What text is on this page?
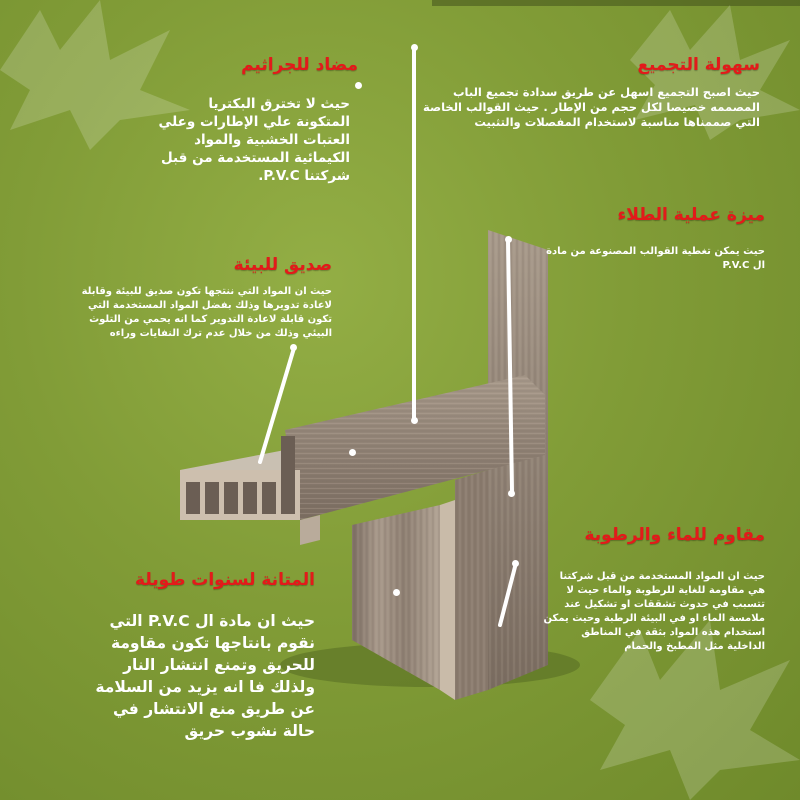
مضاد للجراثيم
حيث لا تخترق البكتريا المتكونة علي الإطارات وعلي العتبات الخشبية والمواد الكيمائية المستخدمة من قبل شركتنا P.V.C.
سهولة التجميع
حيث اصبح التجميع اسهل عن طريق سدادة تجميع الباب المصممه خصيصا لكل حجم من الإطار . حيث القوالب الخاصة التي صممناها مناسبة لاستخدام المفصلات والتثبيت
ميزة عملية الطلاء
حيث يمكن تغطية القوالب المصنوعة من مادة ال P.V.C
صديق للبيئة
حيث ان المواد التي ننتجها تكون صديق للبيئة وقابلة لاعادة تدويرها وذلك بفضل المواد المستخدمة التي تكون قابلة لاعادة التدوير كما انه يحمي من التلوث البيئي وذلك من خلال عدم ترك النفايات وراءه
مقاوم للماء والرطوبة
حيث ان المواد المستخدمة من قبل شركتنا هي مقاومة للغاية للرطوبة والماء حيث لا تتسبب في حدوث تشققات او تشكيل عند ملامسة الماء او في البيئة الرطبة وحيث يمكن استخدام هذه المواد بثقة في المناطق الداخلية مثل المطبخ والحمام
المتانة لسنوات طويلة
حيث ان مادة ال P.V.C التي نقوم بانتاجها تكون مقاومة للحريق وتمنع انتشار النار ولذلك فا انه يزيد من السلامة عن طريق منع الانتشار في حالة نشوب حريق
